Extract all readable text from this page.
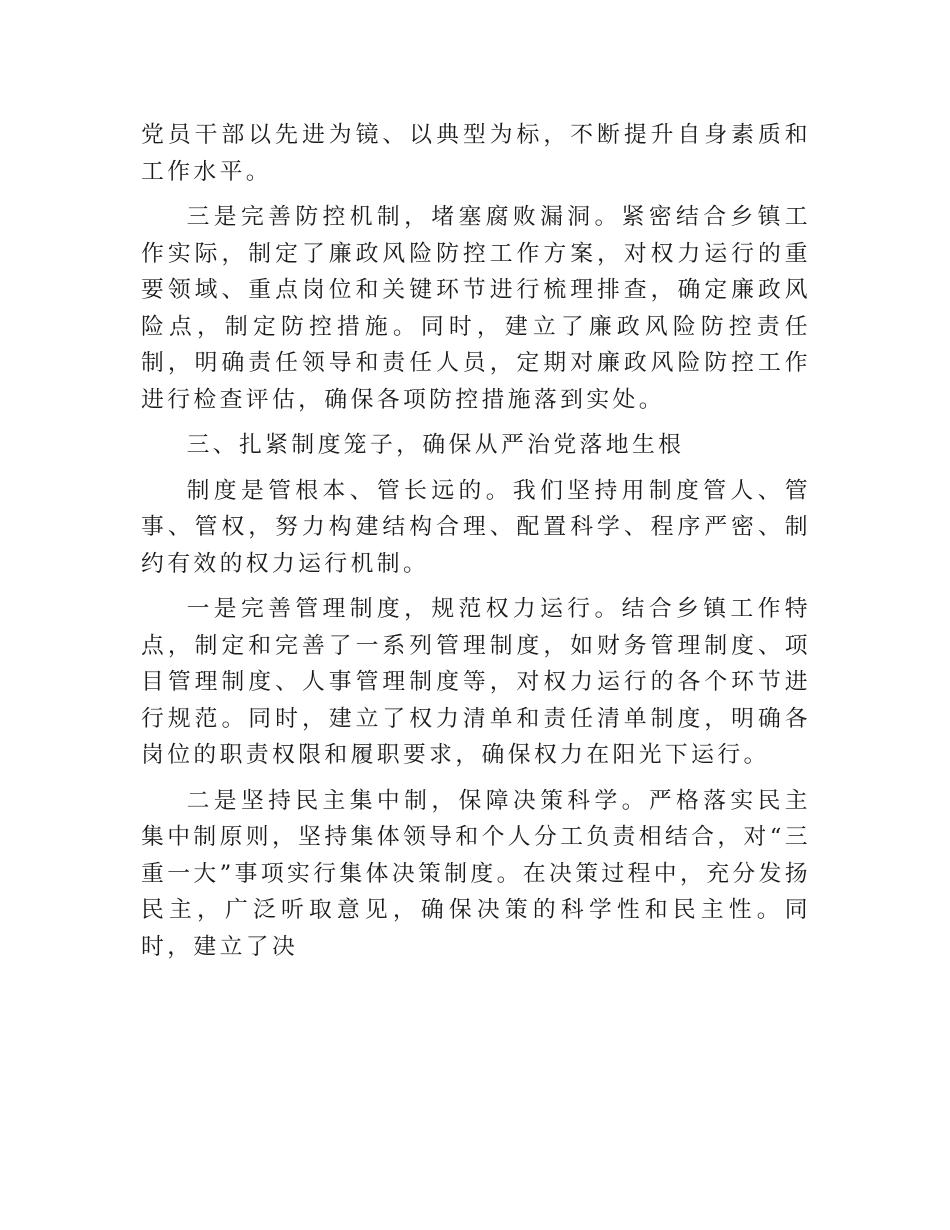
党员干部以先进为镜、以典型为标，不断提升自身素质和工作水平。

三是完善防控机制，堵塞腐败漏洞。紧密结合乡镇工作实际，制定了廉政风险防控工作方案，对权力运行的重要领域、重点岗位和关键环节进行梳理排查，确定廉政风险点，制定防控措施。同时，建立了廉政风险防控责任制，明确责任领导和责任人员，定期对廉政风险防控工作进行检查评估，确保各项防控措施落到实处。

三、扎紧制度笼子，确保从严治党落地生根

制度是管根本、管长远的。我们坚持用制度管人、管事、管权，努力构建结构合理、配置科学、程序严密、制约有效的权力运行机制。

一是完善管理制度，规范权力运行。结合乡镇工作特点，制定和完善了一系列管理制度，如财务管理制度、项目管理制度、人事管理制度等，对权力运行的各个环节进行规范。同时，建立了权力清单和责任清单制度，明确各岗位的职责权限和履职要求，确保权力在阳光下运行。

二是坚持民主集中制，保障决策科学。严格落实民主集中制原则，坚持集体领导和个人分工负责相结合，对“三重一大”事项实行集体决策制度。在决策过程中，充分发扬民主，广泛听取意见，确保决策的科学性和民主性。同时，建立了决
